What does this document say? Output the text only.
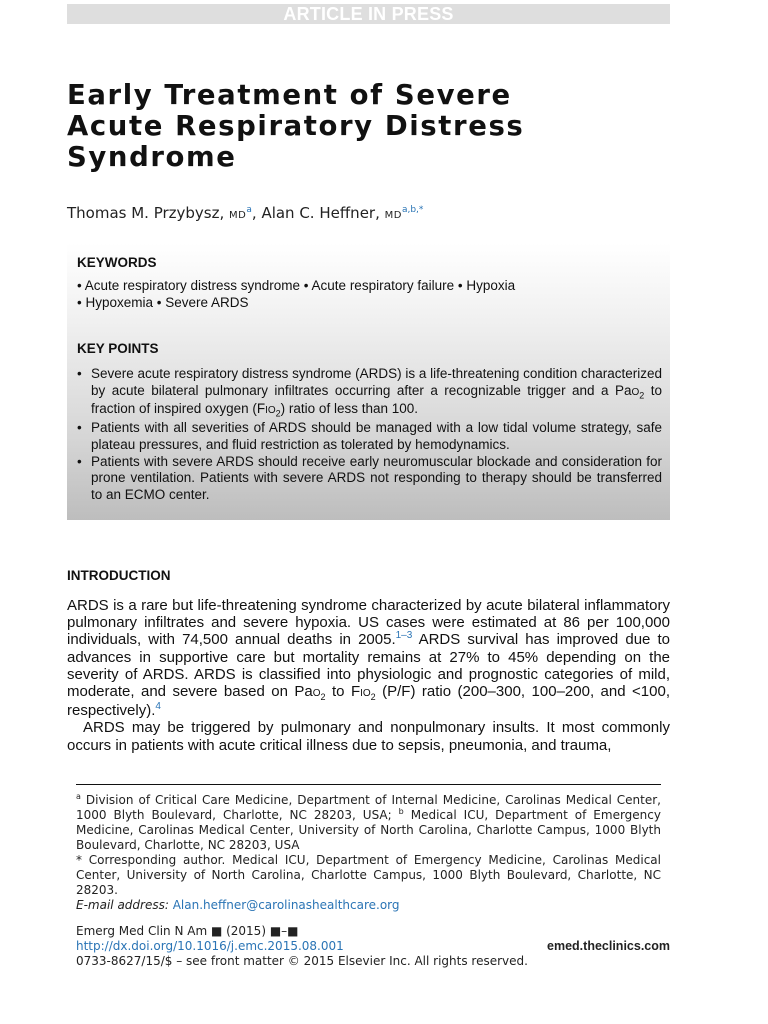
ARTICLE IN PRESS
Early Treatment of Severe
Acute Respiratory Distress
Syndrome
Thomas M. Przybysz, MD$^a$, Alan C. Heffner, MD$^{a,b,*}$
KEYWORDS
• Acute respiratory distress syndrome • Acute respiratory failure • Hypoxia
• Hypoxemia • Severe ARDS
KEY POINTS
• Severe acute respiratory distress syndrome (ARDS) is a life-threatening condition characterized by acute bilateral pulmonary infiltrates occurring after a recognizable trigger and a PaO$_2$ to fraction of inspired oxygen $(FIO_2)$ ratio of less than 100.
• Patients with all severities of ARDS should be managed with a low tidal volume strategy, safe plateau pressures, and fluid restriction as tolerated by hemodynamics.
• Patients with severe ARDS should receive early neuromuscular blockade and consideration for prone ventilation. Patients with severe ARDS not responding to therapy should be transferred to an ECMO center.
INTRODUCTION

ARDS is a rare but life-threatening syndrome characterized by acute bilateral inflammatory pulmonary infiltrates and severe hypoxia. US cases were estimated at 86 per 100,000 individuals, with 74,500 annual deaths in 2005.$^{1-3}$ ARDS survival has improved due to advances in supportive care but mortality remains at 27% to 45% depending on the severity of ARDS. ARDS is classified into physiologic and prognostic categories of mild, moderate, and severe based on PaO$_2$ to $FIO_2$ (P/F) ratio (200–300, 100–200, and <100, respectively).$^4$

ARDS may be triggered by pulmonary and nonpulmonary insults. It most commonly occurs in patients with acute critical illness due to sepsis, pneumonia, and trauma,

$^a$ Division of Critical Care Medicine, Department of Internal Medicine, Carolinas Medical Center, 1000 Blyth Boulevard, Charlotte, NC 28203, USA; $^b$ Medical ICU, Department of Emergency Medicine, Carolinas Medical Center, University of North Carolina, Charlotte Campus, 1000 Blyth Boulevard, Charlotte, NC 28203, USA

* Corresponding author. Medical ICU, Department of Emergency Medicine, Carolinas Medical Center, University of North Carolina, Charlotte Campus, 1000 Blyth Boulevard, Charlotte, NC 28203.

E-mail address: Alan.heffner@carolinashealthcare.org

Emerg Med Clin N Am ■ (2015) ■–■
http://dx.doi.org/10.1016/j.emc.2015.08.001	emed.theclinics.com
0733-8627/15/$ – see front matter © 2015 Elsevier Inc. All rights reserved.
